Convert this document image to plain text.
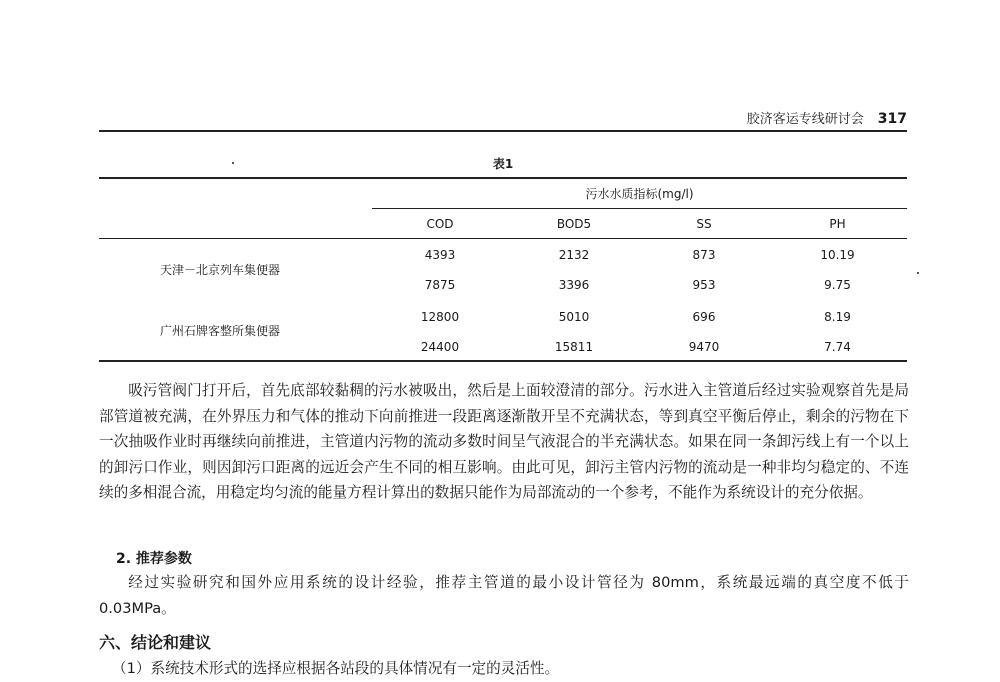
胶济客运专线研讨会 317
表1
污水水质指标(mg/l)
COD	BOD5	SS	PH
天津－北京列车集便器
4393	2132	873	10.19
7875	3396	953	9.75
广州石牌客整所集便器
12800	5010	696	8.19
24400	15811	9470	7.74
吸污管阀门打开后，首先底部较黏稠的污水被吸出，然后是上面较澄清的部分。污水进入主管道后经过实验观察首先是局部管道被充满，在外界压力和气体的推动下向前推进一段距离逐渐散开呈不充满状态，等到真空平衡后停止，剩余的污物在下一次抽吸作业时再继续向前推进，主管道内污物的流动多数时间呈气液混合的半充满状态。如果在同一条卸污线上有一个以上的卸污口作业，则因卸污口距离的远近会产生不同的相互影响。由此可见，卸污主管内污物的流动是一种非均匀稳定的、不连续的多相混合流，用稳定均匀流的能量方程计算出的数据只能作为局部流动的一个参考，不能作为系统设计的充分依据。
2. 推荐参数
经过实验研究和国外应用系统的设计经验，推荐主管道的最小设计管径为 80mm，系统最远端的真空度不低于 0.03MPa。
六、结论和建议
（1）系统技术形式的选择应根据各站段的具体情况有一定的灵活性。
